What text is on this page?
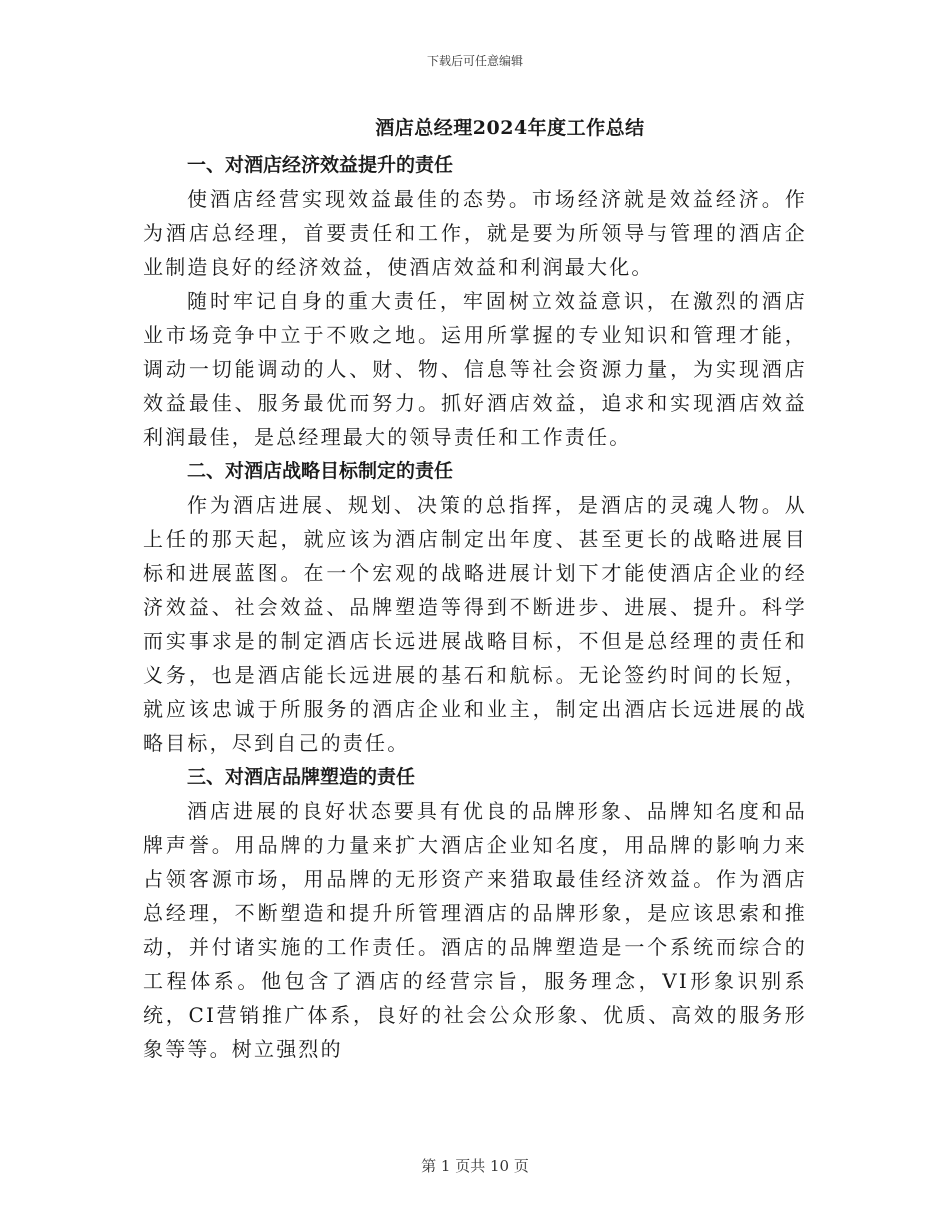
下载后可任意编辑
酒店总经理2024年度工作总结
一、对酒店经济效益提升的责任

使酒店经营实现效益最佳的态势。市场经济就是效益经济。作为酒店总经理，首要责任和工作，就是要为所领导与管理的酒店企业制造良好的经济效益，使酒店效益和利润最大化。

随时牢记自身的重大责任，牢固树立效益意识，在激烈的酒店业市场竞争中立于不败之地。运用所掌握的专业知识和管理才能，调动一切能调动的人、财、物、信息等社会资源力量，为实现酒店效益最佳、服务最优而努力。抓好酒店效益，追求和实现酒店效益利润最佳，是总经理最大的领导责任和工作责任。

二、对酒店战略目标制定的责任

作为酒店进展、规划、决策的总指挥，是酒店的灵魂人物。从上任的那天起，就应该为酒店制定出年度、甚至更长的战略进展目标和进展蓝图。在一个宏观的战略进展计划下才能使酒店企业的经济效益、社会效益、品牌塑造等得到不断进步、进展、提升。科学而实事求是的制定酒店长远进展战略目标，不但是总经理的责任和义务，也是酒店能长远进展的基石和航标。无论签约时间的长短，就应该忠诚于所服务的酒店企业和业主，制定出酒店长远进展的战略目标，尽到自己的责任。

三、对酒店品牌塑造的责任

酒店进展的良好状态要具有优良的品牌形象、品牌知名度和品牌声誉。用品牌的力量来扩大酒店企业知名度，用品牌的影响力来占领客源市场，用品牌的无形资产来猎取最佳经济效益。作为酒店总经理，不断塑造和提升所管理酒店的品牌形象，是应该思索和推动，并付诸实施的工作责任。酒店的品牌塑造是一个系统而综合的工程体系。他包含了酒店的经营宗旨，服务理念，VI形象识别系统，CI营销推广体系，良好的社会公众形象、优质、高效的服务形象等等。树立强烈的

第 1 页共 10 页
